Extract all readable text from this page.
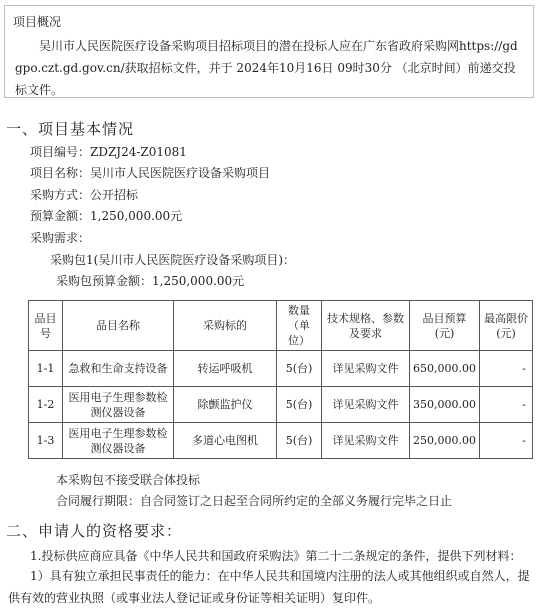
项目概况
吴川市人民医院医疗设备采购项目招标项目的潜在投标人应在广东省政府采购网https://gdgpo.czt.gd.gov.cn/获取招标文件，并于 2024年10月16日 09时30分 （北京时间）前递交投标文件。
一、项目基本情况
项目编号：ZDZJ24-Z01081
项目名称：吴川市人民医院医疗设备采购项目
采购方式：公开招标
预算金额：1,250,000.00元
采购需求：
采购包1(吴川市人民医院医疗设备采购项目)：
采购包预算金额：1,250,000.00元
品目号	品目名称	采购标的	数量（单位）	技术规格、参数及要求	品目预算(元)	最高限价(元)
1-1	急救和生命支持设备	转运呼吸机	5(台)	详见采购文件	650,000.00	-
1-2	医用电子生理参数检测仪器设备	除颤监护仪	5(台)	详见采购文件	350,000.00	-
1-3	医用电子生理参数检测仪器设备	多道心电图机	5(台)	详见采购文件	250,000.00	-
本采购包不接受联合体投标
合同履行期限：自合同签订之日起至合同所约定的全部义务履行完毕之日止
二、申请人的资格要求：
1.投标供应商应具备《中华人民共和国政府采购法》第二十二条规定的条件，提供下列材料：
1）具有独立承担民事责任的能力：在中华人民共和国境内注册的法人或其他组织或自然人，提供有效的营业执照（或事业法人登记证或身份证等相关证明）复印件。
